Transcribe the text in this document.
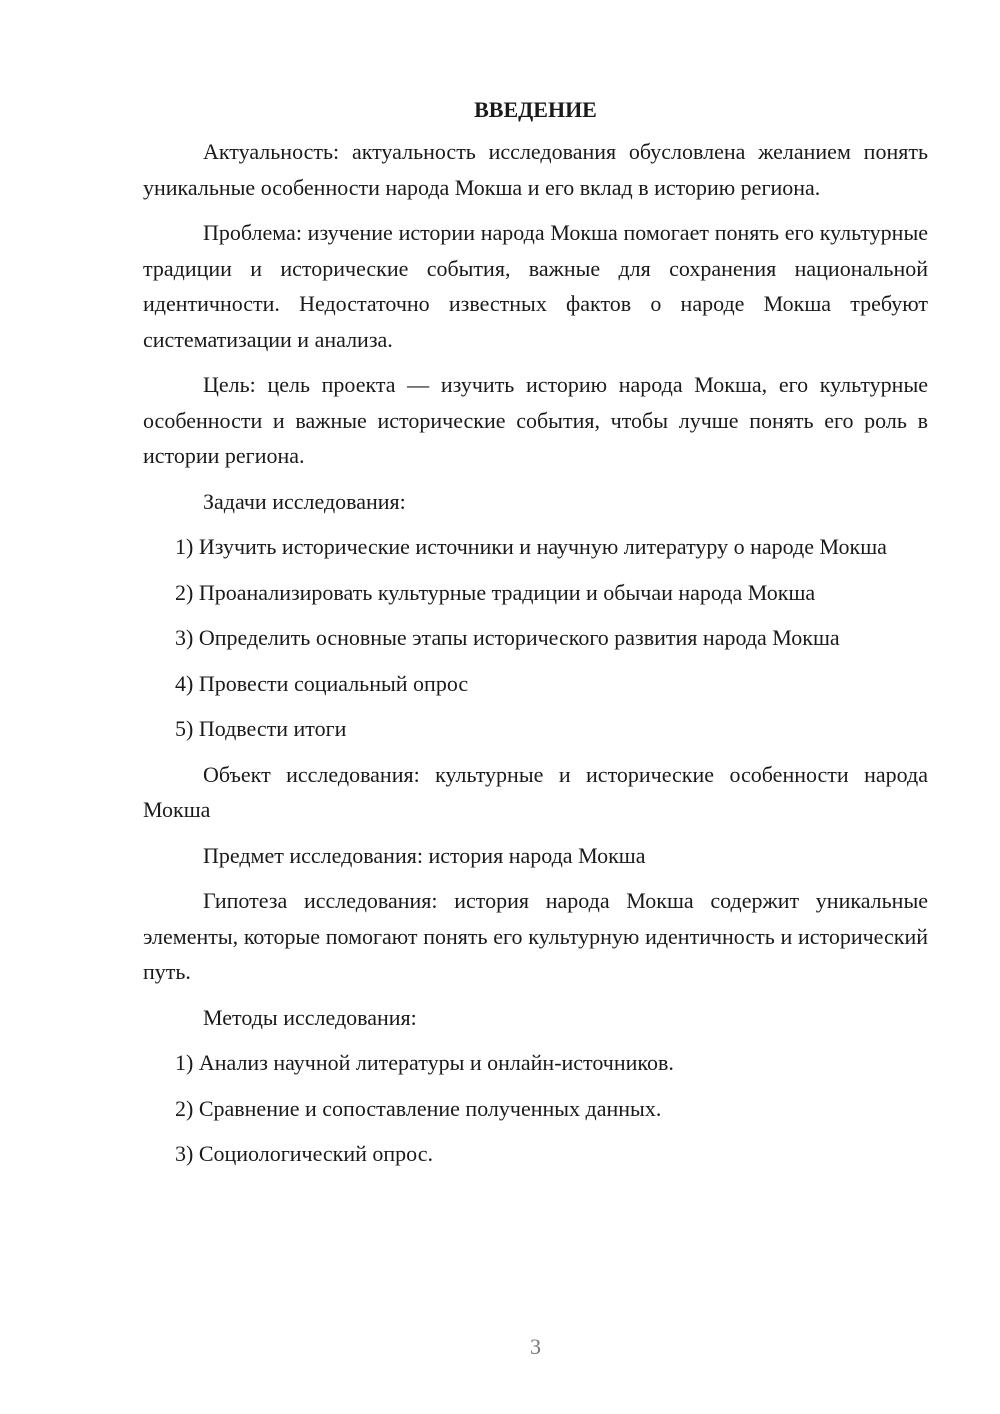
ВВЕДЕНИЕ

Актуальность: актуальность исследования обусловлена желанием понять уникальные особенности народа Мокша и его вклад в историю региона.

Проблема: изучение истории народа Мокша помогает понять его культурные традиции и исторические события, важные для сохранения национальной идентичности. Недостаточно известных фактов о народе Мокша требуют систематизации и анализа.

Цель: цель проекта — изучить историю народа Мокша, его культурные особенности и важные исторические события, чтобы лучше понять его роль в истории региона.

Задачи исследования:

1) Изучить исторические источники и научную литературу о народе Мокша

2) Проанализировать культурные традиции и обычаи народа Мокша

3) Определить основные этапы исторического развития народа Мокша

4) Провести социальный опрос

5) Подвести итоги

Объект исследования: культурные и исторические особенности народа Мокша

Предмет исследования: история народа Мокша

Гипотеза исследования: история народа Мокша содержит уникальные элементы, которые помогают понять его культурную идентичность и исторический путь.

Методы исследования:

1) Анализ научной литературы и онлайн-источников.

2) Сравнение и сопоставление полученных данных.

3) Социологический опрос.

3
